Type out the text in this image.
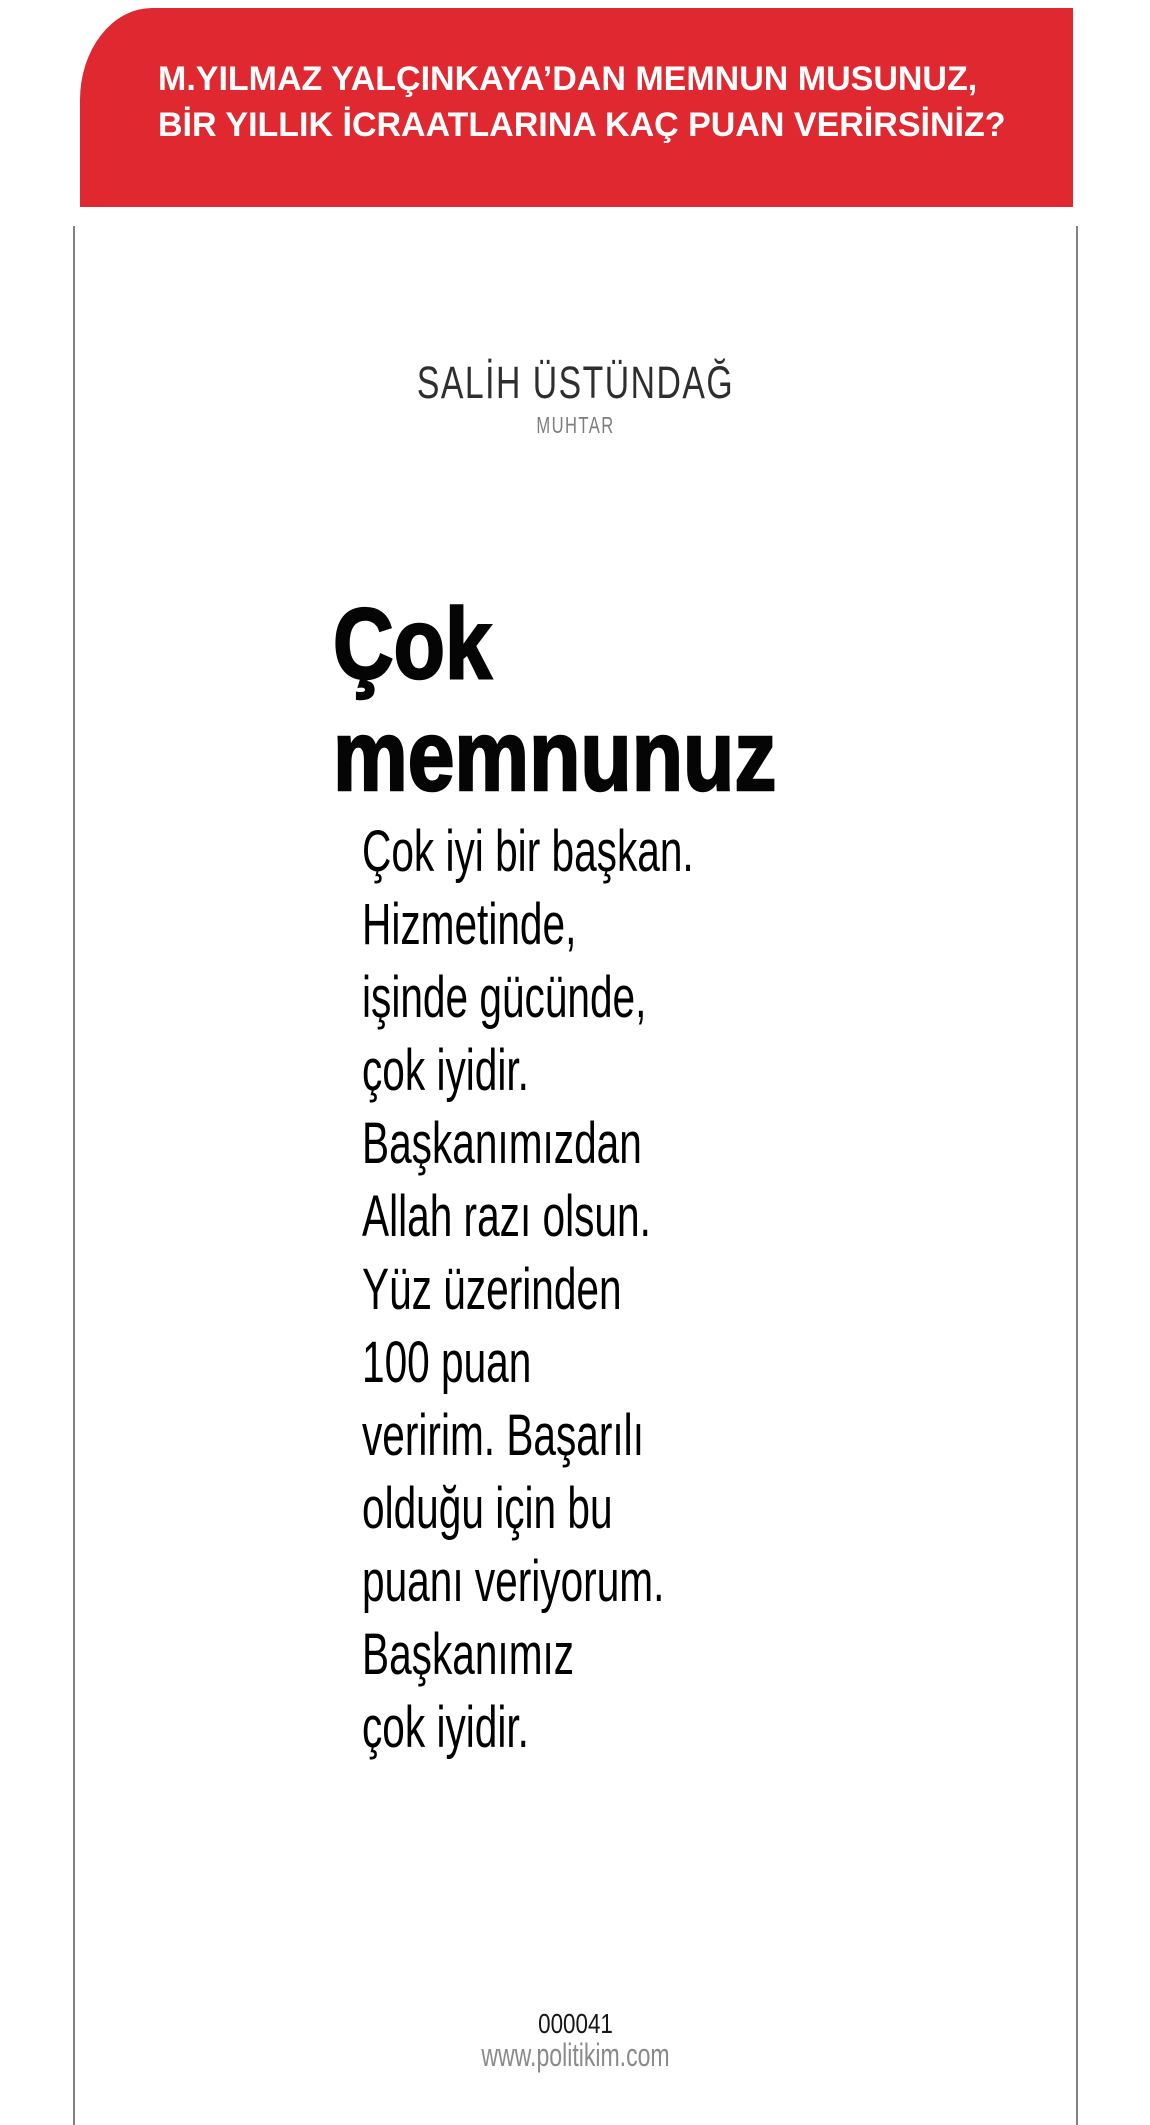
M.YILMAZ YALÇINKAYA’DAN MEMNUN MUSUNUZ,
BİR YILLIK İCRAATLARINA KAÇ PUAN VERİRSİNİZ?
SALİH ÜSTÜNDAĞ
MUHTAR
Çok
memnunuz
Çok iyi bir başkan.
Hizmetinde,
işinde gücünde,
çok iyidir.
Başkanımızdan
Allah razı olsun.
Yüz üzerinden
100 puan
veririm. Başarılı
olduğu için bu
puanı veriyorum.
Başkanımız
çok iyidir.
000041
www.politikim.com
